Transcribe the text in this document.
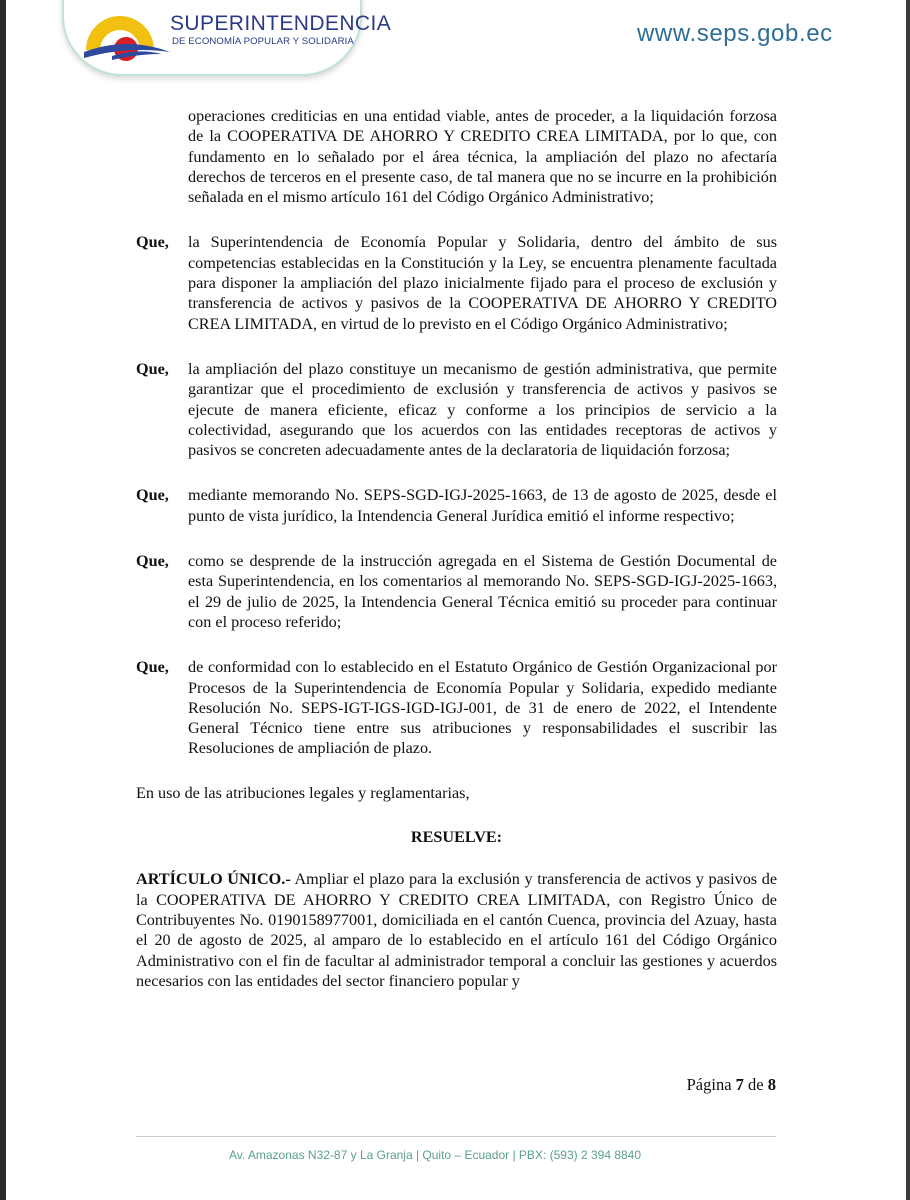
SUPERINTENDENCIA
DE ECONOMÍA POPULAR Y SOLIDARIA	www.seps.gob.ec

operaciones crediticias en una entidad viable, antes de proceder, a la liquidación forzosa de la COOPERATIVA DE AHORRO Y CREDITO CREA LIMITADA, por lo que, con fundamento en lo señalado por el área técnica, la ampliación del plazo no afectaría derechos de terceros en el presente caso, de tal manera que no se incurre en la prohibición señalada en el mismo artículo 161 del Código Orgánico Administrativo;

Que,	la Superintendencia de Economía Popular y Solidaria, dentro del ámbito de sus competencias establecidas en la Constitución y la Ley, se encuentra plenamente facultada para disponer la ampliación del plazo inicialmente fijado para el proceso de exclusión y transferencia de activos y pasivos de la COOPERATIVA DE AHORRO Y CREDITO CREA LIMITADA, en virtud de lo previsto en el Código Orgánico Administrativo;
Que,	la ampliación del plazo constituye un mecanismo de gestión administrativa, que permite garantizar que el procedimiento de exclusión y transferencia de activos y pasivos se ejecute de manera eficiente, eficaz y conforme a los principios de servicio a la colectividad, asegurando que los acuerdos con las entidades receptoras de activos y pasivos se concreten adecuadamente antes de la declaratoria de liquidación forzosa;
Que,	mediante memorando No. SEPS-SGD-IGJ-2025-1663, de 13 de agosto de 2025, desde el punto de vista jurídico, la Intendencia General Jurídica emitió el informe respectivo;
Que,	como se desprende de la instrucción agregada en el Sistema de Gestión Documental de esta Superintendencia, en los comentarios al memorando No. SEPS-SGD-IGJ-2025-1663, el 29 de julio de 2025, la Intendencia General Técnica emitió su proceder para continuar con el proceso referido;
Que,	de conformidad con lo establecido en el Estatuto Orgánico de Gestión Organizacional por Procesos de la Superintendencia de Economía Popular y Solidaria, expedido mediante Resolución No. SEPS-IGT-IGS-IGD-IGJ-001, de 31 de enero de 2022, el Intendente General Técnico tiene entre sus atribuciones y responsabilidades el suscribir las Resoluciones de ampliación de plazo.

En uso de las atribuciones legales y reglamentarias,

RESUELVE:

ARTÍCULO ÚNICO.- Ampliar el plazo para la exclusión y transferencia de activos y pasivos de la COOPERATIVA DE AHORRO Y CREDITO CREA LIMITADA, con Registro Único de Contribuyentes No. 0190158977001, domiciliada en el cantón Cuenca, provincia del Azuay, hasta el 20 de agosto de 2025, al amparo de lo establecido en el artículo 161 del Código Orgánico Administrativo con el fin de facultar al administrador temporal a concluir las gestiones y acuerdos necesarios con las entidades del sector financiero popular y

Página 7 de 8
Av. Amazonas N32-87 y La Granja | Quito – Ecuador | PBX: (593) 2 394 8840
